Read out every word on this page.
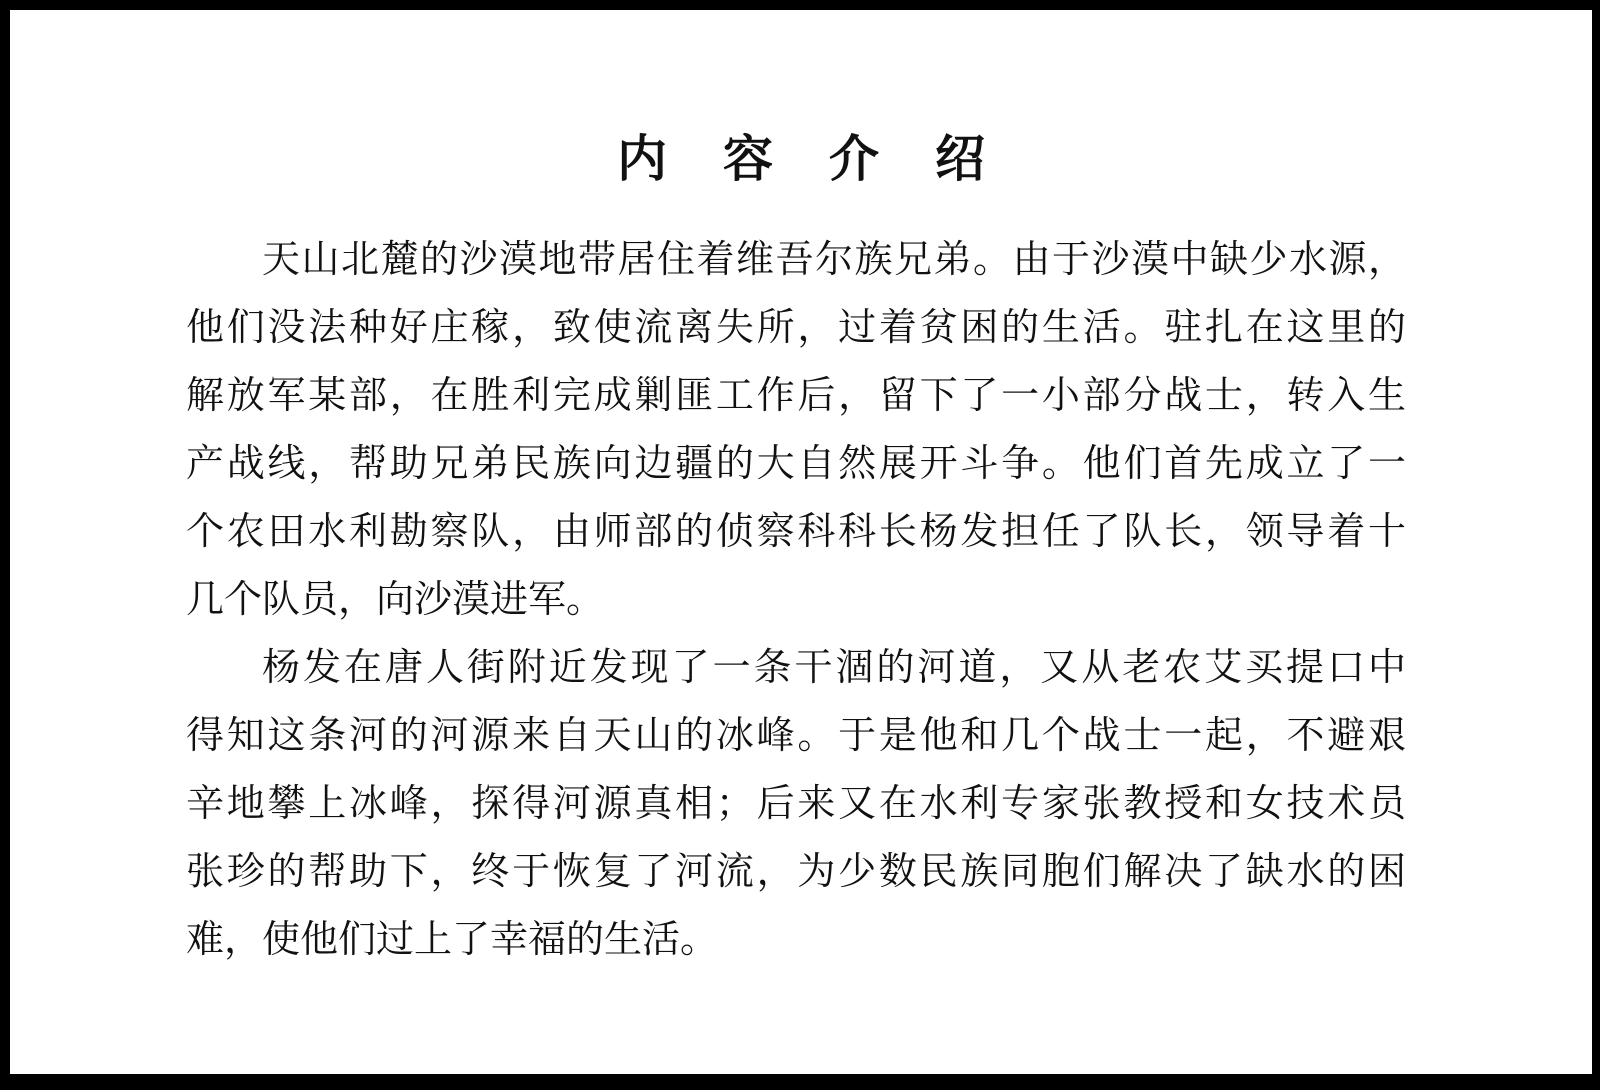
内 容 介 绍
天山北麓的沙漠地带居住着维吾尔族兄弟。由于沙漠中缺少水源，
他们没法种好庄稼，致使流离失所，过着贫困的生活。驻扎在这里的
解放军某部，在胜利完成剿匪工作后，留下了一小部分战士，转入生
产战线，帮助兄弟民族向边疆的大自然展开斗争。他们首先成立了一
个农田水利勘察队，由师部的侦察科科长杨发担任了队长，领导着十
几个队员，向沙漠进军。
杨发在唐人街附近发现了一条干涸的河道，又从老农艾买提口中
得知这条河的河源来自天山的冰峰。于是他和几个战士一起，不避艰
辛地攀上冰峰，探得河源真相；后来又在水利专家张教授和女技术员
张珍的帮助下，终于恢复了河流，为少数民族同胞们解决了缺水的困
难，使他们过上了幸福的生活。
